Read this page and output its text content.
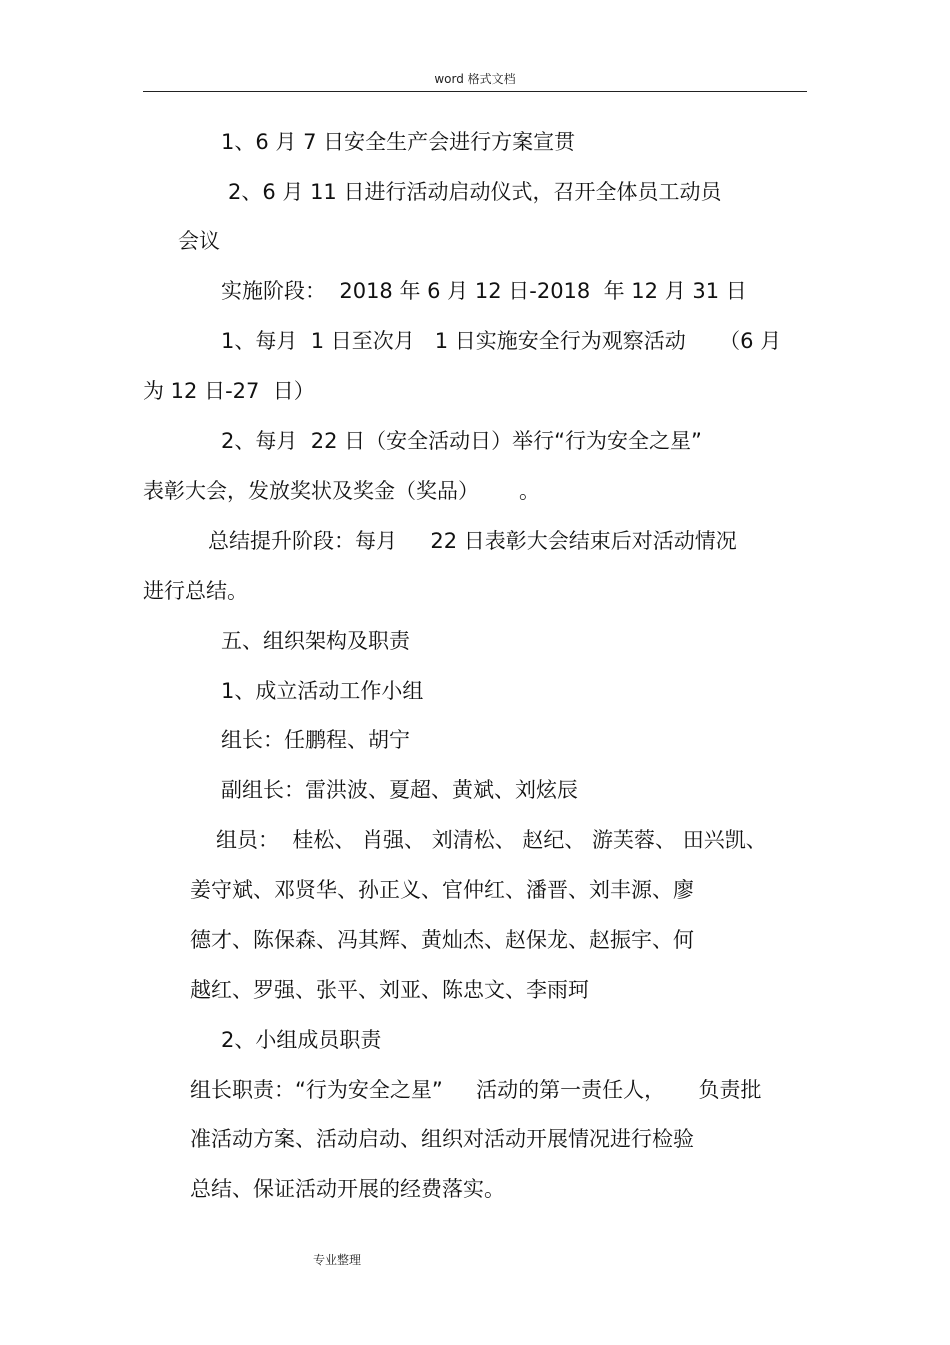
word 格式文档
1、6 月 7 日安全生产会进行方案宣贯
2、6 月 11 日进行活动启动仪式，召开全体员工动员
会议
实施阶段：  2018 年 6 月 12 日-2018  年 12 月 31 日
1、每月  1 日至次月   1 日实施安全行为观察活动     （6 月
为 12 日-27  日）
2、每月  22 日（安全活动日）举行“行为安全之星”
表彰大会，发放奖状及奖金（奖品）      。
总结提升阶段：每月     22 日表彰大会结束后对活动情况
进行总结。
五、组织架构及职责
1、成立活动工作小组
组长：任鹏程、胡宁
副组长：雷洪波、夏超、黄斌、刘炫辰
组员：  桂松、 肖强、 刘清松、 赵纪、 游芙蓉、 田兴凯、
姜守斌、邓贤华、孙正义、官仲红、潘晋、刘丰源、廖
德才、陈保森、冯其辉、黄灿杰、赵保龙、赵振宇、何
越红、罗强、张平、刘亚、陈忠文、李雨珂
2、小组成员职责
组长职责：“行为安全之星”     活动的第一责任人，     负责批
准活动方案、活动启动、组织对活动开展情况进行检验
总结、保证活动开展的经费落实。
专业整理
